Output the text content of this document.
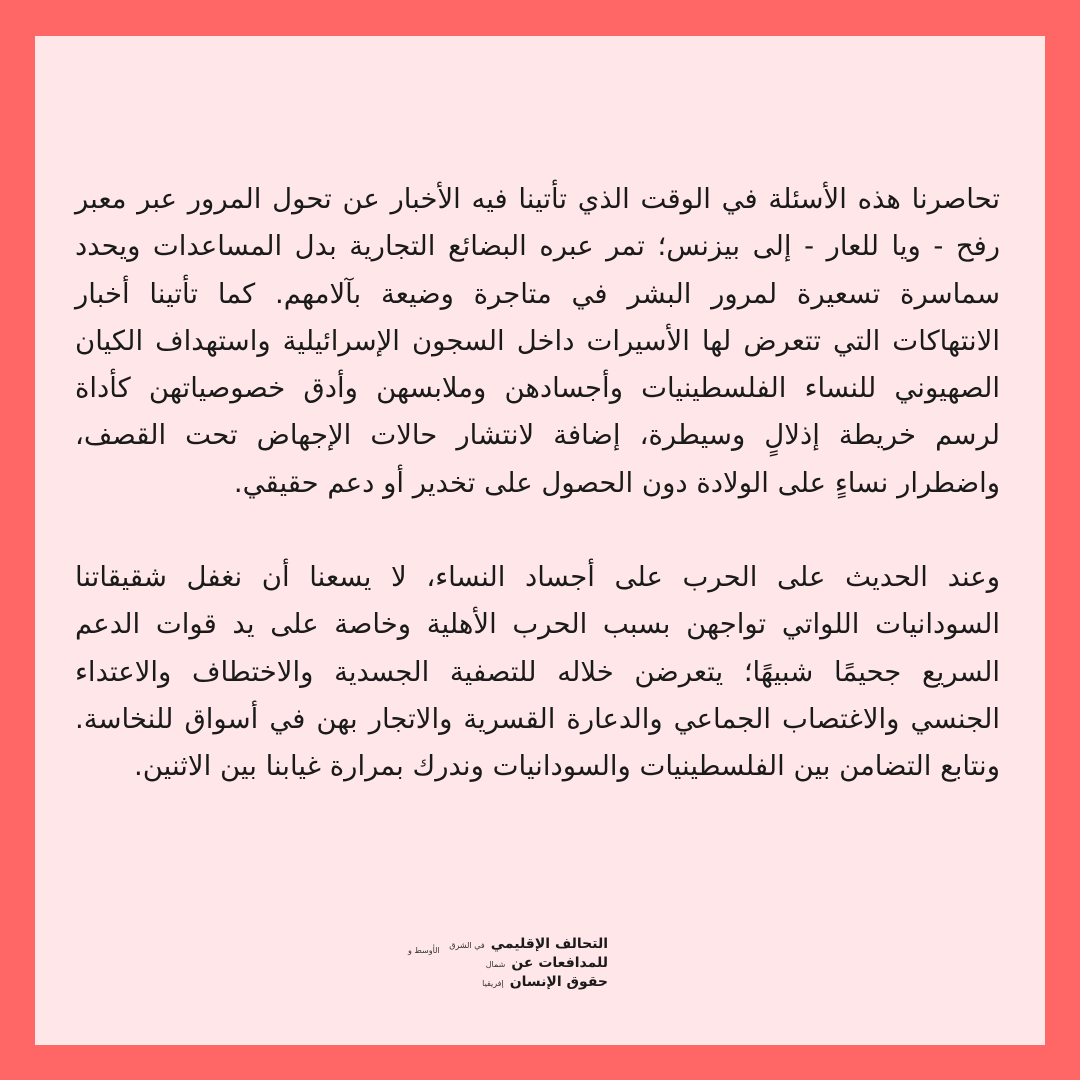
تحاصرنا هذه الأسئلة في الوقت الذي تأتينا فيه الأخبار عن تحول المرور عبر معبر رفح - ويا للعار - إلى بيزنس؛ تمر عبره البضائع التجارية بدل المساعدات ويحدد سماسرة تسعيرة لمرور البشر في متاجرة وضيعة بآلامهم. كما تأتينا أخبار الانتهاكات التي تتعرض لها الأسيرات داخل السجون الإسرائيلية واستهداف الكيان الصهيوني للنساء الفلسطينيات وأجسادهن وملابسهن وأدق خصوصياتهن كأداة لرسم خريطة إذلالٍ وسيطرة، إضافة لانتشار حالات الإجهاض تحت القصف، واضطرار نساءٍ على الولادة دون الحصول على تخدير أو دعم حقيقي.

وعند الحديث على الحرب على أجساد النساء، لا يسعنا أن نغفل شقيقاتنا السودانيات اللواتي تواجهن بسبب الحرب الأهلية وخاصة على يد قوات الدعم السريع جحيمًا شبيهًا؛ يتعرضن خلاله للتصفية الجسدية والاختطاف والاعتداء الجنسي والاغتصاب الجماعي والدعارة القسرية والاتجار بهن في أسواق للنخاسة. ونتابع التضامن بين الفلسطينيات والسودانيات وندرك بمرارة غيابنا بين الاثنين.

التحالف الإقليمي
في الشرق
الأوسط و
للمدافعات عن
شمال
حقوق الإنسان
إفريقيا
